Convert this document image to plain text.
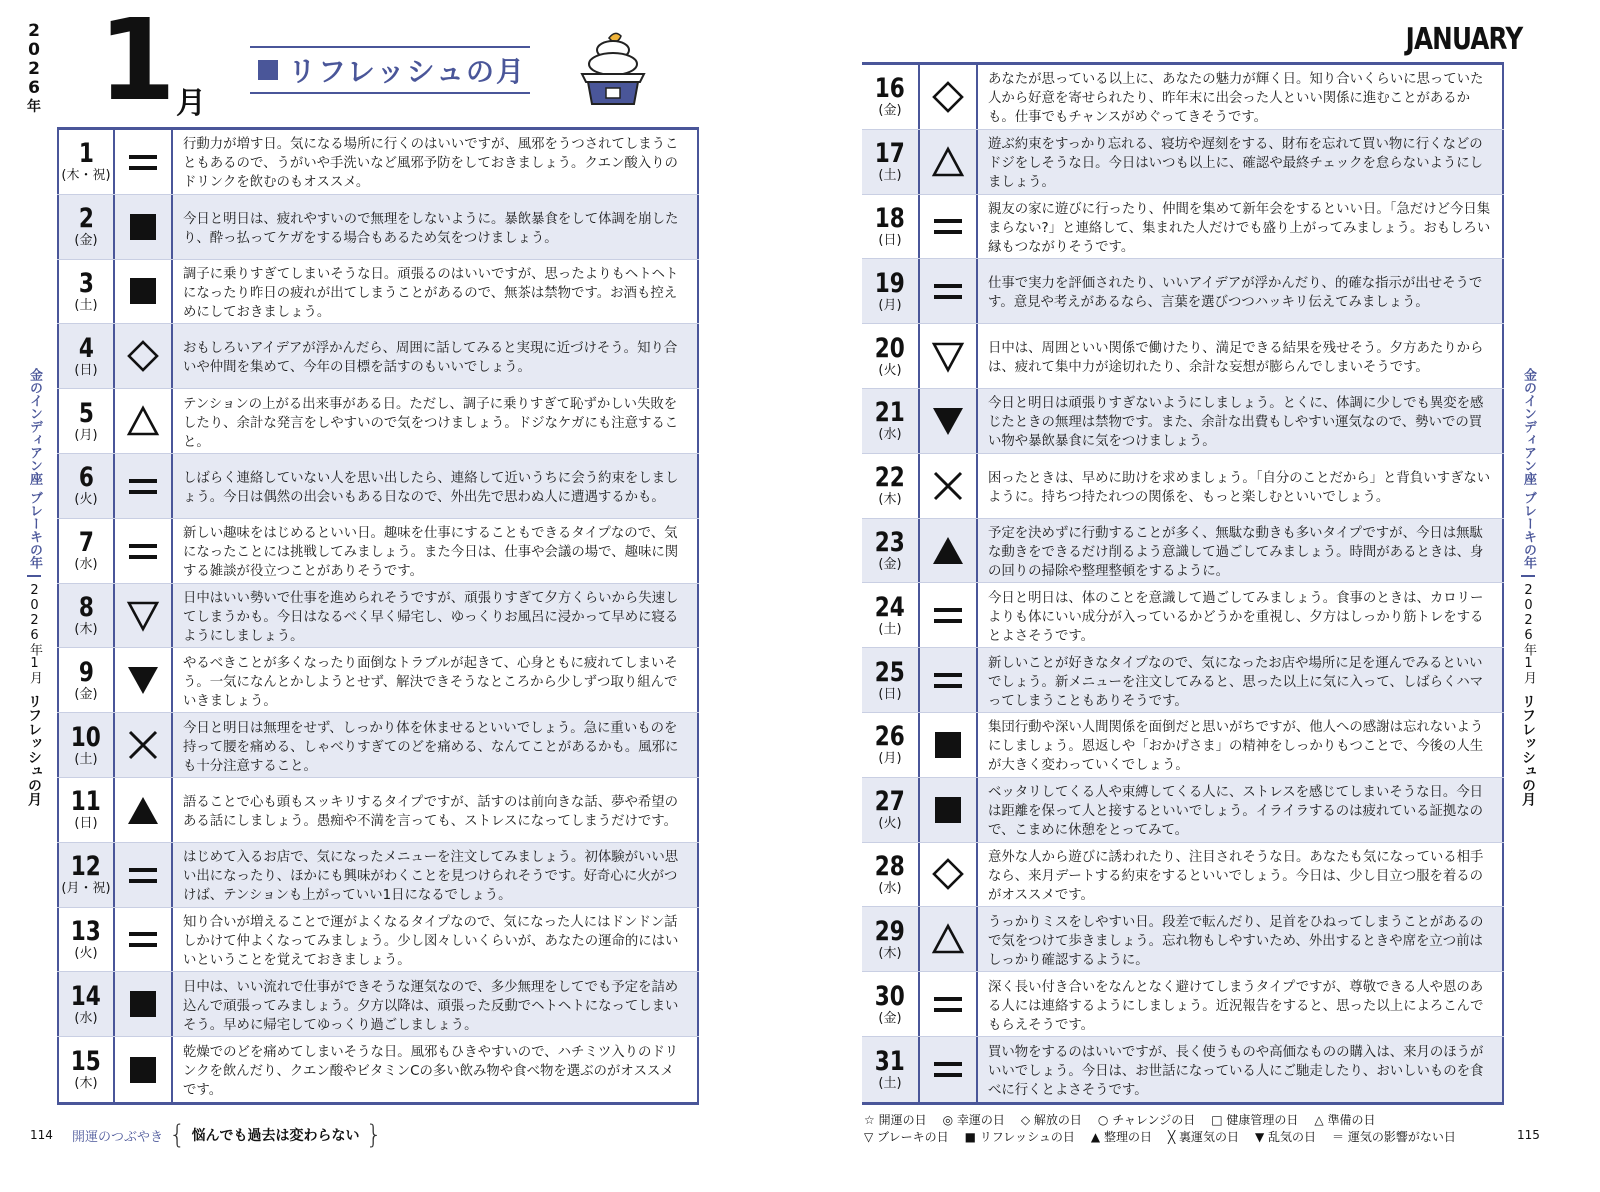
2
0
2
6
年 1 月
リフレッシュの月
JANUARY
金のインディアン座
ブレーキの年
2026年1月
リフレッシュの月
金のインディアン座
ブレーキの年
2026年1月
リフレッシュの月
1
(木・祝)
行動力が増す日。気になる場所に行くのはいいですが、風邪をうつされてしまうこともあるので、うがいや手洗いなど風邪予防をしておきましょう。クエン酸入りのドリンクを飲むのもオススメ。
2
(金)
今日と明日は、疲れやすいので無理をしないように。暴飲暴食をして体調を崩したり、酔っ払ってケガをする場合もあるため気をつけましょう。
3
(土)
調子に乗りすぎてしまいそうな日。頑張るのはいいですが、思ったよりもヘトヘトになったり昨日の疲れが出てしまうことがあるので、無茶は禁物です。お酒も控えめにしておきましょう。
4
(日)
おもしろいアイデアが浮かんだら、周囲に話してみると実現に近づけそう。知り合いや仲間を集めて、今年の目標を話すのもいいでしょう。
5
(月)
テンションの上がる出来事がある日。ただし、調子に乗りすぎて恥ずかしい失敗をしたり、余計な発言をしやすいので気をつけましょう。ドジなケガにも注意すること。
6
(火)
しばらく連絡していない人を思い出したら、連絡して近いうちに会う約束をしましょう。今日は偶然の出会いもある日なので、外出先で思わぬ人に遭遇するかも。
7
(水)
新しい趣味をはじめるといい日。趣味を仕事にすることもできるタイプなので、気になったことには挑戦してみましょう。また今日は、仕事や会議の場で、趣味に関する雑談が役立つことがありそうです。
8
(木)
日中はいい勢いで仕事を進められそうですが、頑張りすぎて夕方くらいから失速してしまうかも。今日はなるべく早く帰宅し、ゆっくりお風呂に浸かって早めに寝るようにしましょう。
9
(金)
やるべきことが多くなったり面倒なトラブルが起きて、心身ともに疲れてしまいそう。一気になんとかしようとせず、解決できそうなところから少しずつ取り組んでいきましょう。
10
(土)
今日と明日は無理をせず、しっかり体を休ませるといいでしょう。急に重いものを持って腰を痛める、しゃべりすぎてのどを痛める、なんてことがあるかも。風邪にも十分注意すること。
11
(日)
語ることで心も頭もスッキリするタイプですが、話すのは前向きな話、夢や希望のある話にしましょう。愚痴や不満を言っても、ストレスになってしまうだけです。
12
(月・祝)
はじめて入るお店で、気になったメニューを注文してみましょう。初体験がいい思い出になったり、ほかにも興味がわくことを見つけられそうです。好奇心に火がつけば、テンションも上がっていい1日になるでしょう。
13
(火)
知り合いが増えることで運がよくなるタイプなので、気になった人にはドンドン話しかけて仲よくなってみましょう。少し図々しいくらいが、あなたの運命的にはいいということを覚えておきましょう。
14
(水)
日中は、いい流れで仕事ができそうな運気なので、多少無理をしてでも予定を詰め込んで頑張ってみましょう。夕方以降は、頑張った反動でヘトヘトになってしまいそう。早めに帰宅してゆっくり過ごしましょう。
15
(木)
乾燥でのどを痛めてしまいそうな日。風邪もひきやすいので、ハチミツ入りのドリンクを飲んだり、クエン酸やビタミンCの多い飲み物や食べ物を選ぶのがオススメです。
16
(金)
あなたが思っている以上に、あなたの魅力が輝く日。知り合いくらいに思っていた人から好意を寄せられたり、昨年末に出会った人といい関係に進むことがあるかも。仕事でもチャンスがめぐってきそうです。
17
(土)
遊ぶ約束をすっかり忘れる、寝坊や遅刻をする、財布を忘れて買い物に行くなどのドジをしそうな日。今日はいつも以上に、確認や最終チェックを怠らないようにしましょう。
18
(日)
親友の家に遊びに行ったり、仲間を集めて新年会をするといい日。「急だけど今日集まらない?」と連絡して、集まれた人だけでも盛り上がってみましょう。おもしろい縁もつながりそうです。
19
(月)
仕事で実力を評価されたり、いいアイデアが浮かんだり、的確な指示が出せそうです。意見や考えがあるなら、言葉を選びつつハッキリ伝えてみましょう。
20
(火)
日中は、周囲といい関係で働けたり、満足できる結果を残せそう。夕方あたりからは、疲れて集中力が途切れたり、余計な妄想が膨らんでしまいそうです。
21
(水)
今日と明日は頑張りすぎないようにしましょう。とくに、体調に少しでも異変を感じたときの無理は禁物です。また、余計な出費もしやすい運気なので、勢いでの買い物や暴飲暴食に気をつけましょう。
22
(木)
困ったときは、早めに助けを求めましょう。「自分のことだから」と背負いすぎないように。持ちつ持たれつの関係を、もっと楽しむといいでしょう。
23
(金)
予定を決めずに行動することが多く、無駄な動きも多いタイプですが、今日は無駄な動きをできるだけ削るよう意識して過ごしてみましょう。時間があるときは、身の回りの掃除や整理整頓をするように。
24
(土)
今日と明日は、体のことを意識して過ごしてみましょう。食事のときは、カロリーよりも体にいい成分が入っているかどうかを重視し、夕方はしっかり筋トレをするとよさそうです。
25
(日)
新しいことが好きなタイプなので、気になったお店や場所に足を運んでみるといいでしょう。新メニューを注文してみると、思った以上に気に入って、しばらくハマってしまうこともありそうです。
26
(月)
集団行動や深い人間関係を面倒だと思いがちですが、他人への感謝は忘れないようにしましょう。恩返しや「おかげさま」の精神をしっかりもつことで、今後の人生が大きく変わっていくでしょう。
27
(火)
ベッタリしてくる人や束縛してくる人に、ストレスを感じてしまいそうな日。今日は距離を保って人と接するといいでしょう。イライラするのは疲れている証拠なので、こまめに休憩をとってみて。
28
(水)
意外な人から遊びに誘われたり、注目されそうな日。あなたも気になっている相手なら、来月デートする約束をするといいでしょう。今日は、少し目立つ服を着るのがオススメです。
29
(木)
うっかりミスをしやすい日。段差で転んだり、足首をひねってしまうことがあるので気をつけて歩きましょう。忘れ物もしやすいため、外出するときや席を立つ前はしっかり確認するように。
30
(金)
深く長い付き合いをなんとなく避けてしまうタイプですが、尊敬できる人や恩のある人には連絡するようにしましょう。近況報告をすると、思った以上によろこんでもらえそうです。
31
(土)
買い物をするのはいいですが、長く使うものや高価なものの購入は、来月のほうがいいでしょう。今日は、お世話になっている人にご馳走したり、おいしいものを食べに行くとよさそうです。
114	115
開運のつぶやき { 悩んでも過去は変わらない }	☆ 開運の日 ◎ 幸運の日 ◇ 解放の日 ○ チャレンジの日 □ 健康管理の日 △ 準備の日
▽ ブレーキの日 ■ リフレッシュの日 ▲ 整理の日 ╳ 裏運気の日 ▼ 乱気の日 ＝ 運気の影響がない日
